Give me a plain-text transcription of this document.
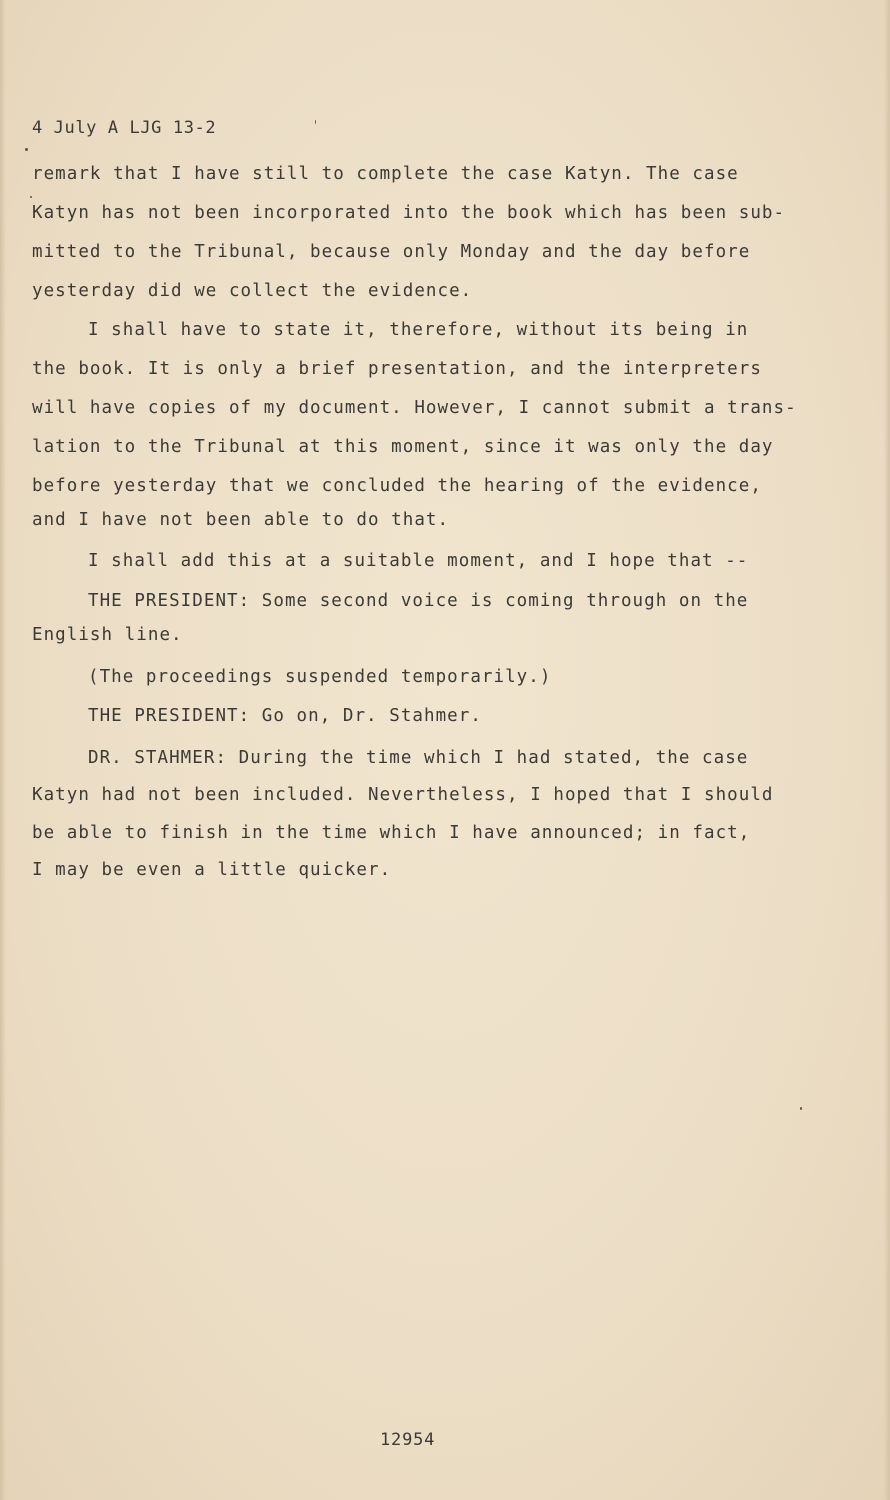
4 July A LJG 13-2
remark that I have still to complete the case Katyn. The case
Katyn has not been incorporated into the book which has been sub-
mitted to the Tribunal, because only Monday and the day before
yesterday did we collect the evidence.
I shall have to state it, therefore, without its being in
the book. It is only a brief presentation, and the interpreters
will have copies of my document. However, I cannot submit a trans-
lation to the Tribunal at this moment, since it was only the day
before yesterday that we concluded the hearing of the evidence,
and I have not been able to do that.
I shall add this at a suitable moment, and I hope that --
THE PRESIDENT: Some second voice is coming through on the
English line.
(The proceedings suspended temporarily.)
THE PRESIDENT: Go on, Dr. Stahmer.
DR. STAHMER: During the time which I had stated, the case
Katyn had not been included. Nevertheless, I hoped that I should
be able to finish in the time which I have announced; in fact,
I may be even a little quicker.
12954
